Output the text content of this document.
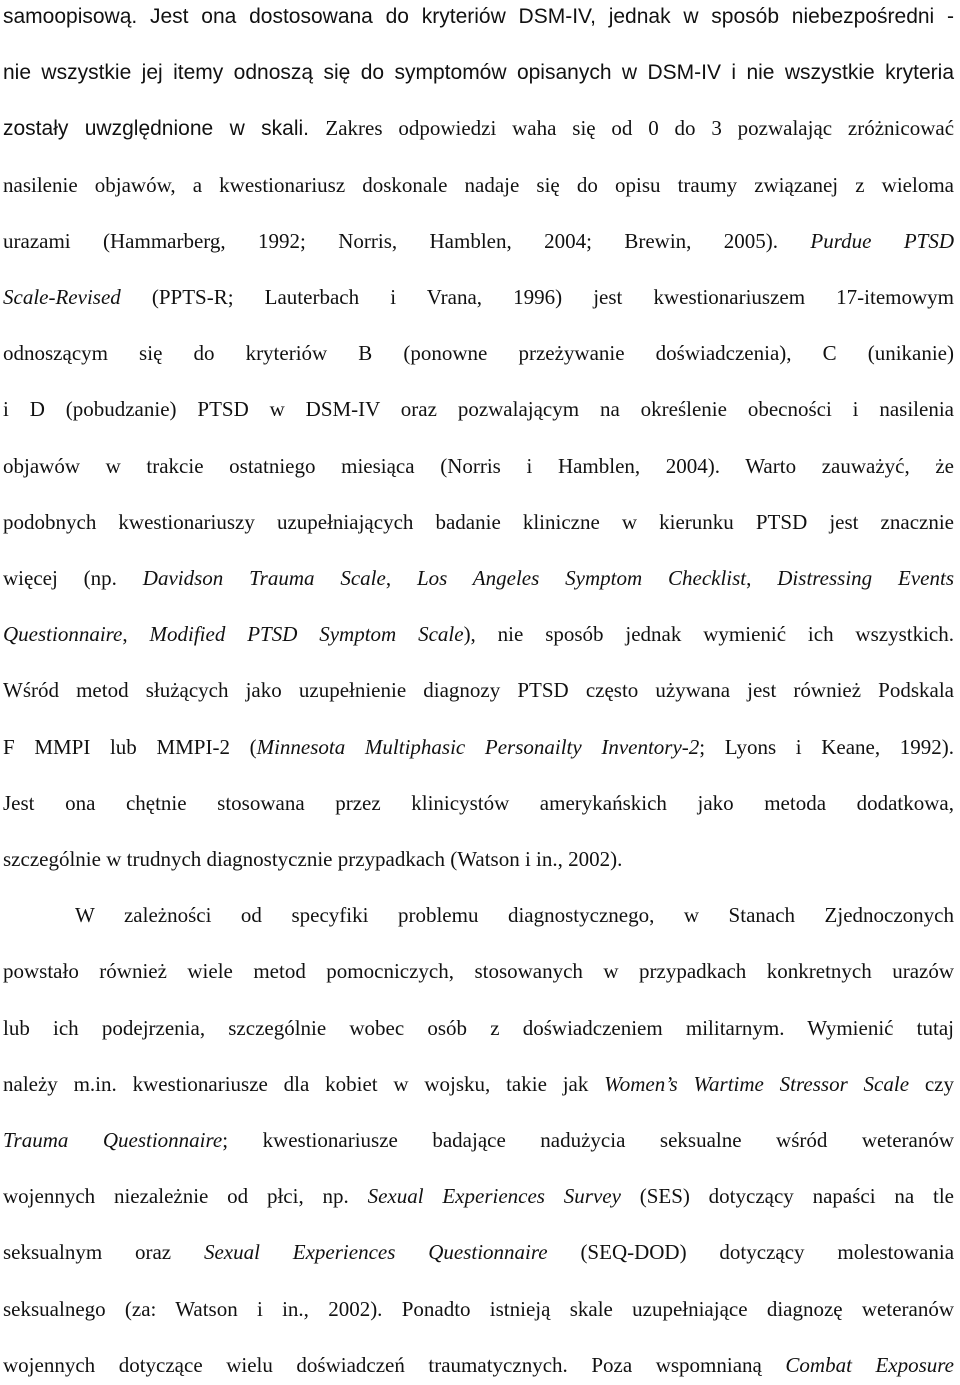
samoopisową. Jest ona dostosowana do kryteriów DSM-IV, jednak w sposób niebezpośredni -
nie wszystkie jej itemy odnoszą się do symptomów opisanych w DSM-IV i nie wszystkie kryteria
zostały uwzględnione w skali. Zakres odpowiedzi waha się od 0 do 3 pozwalając zróżnicować
nasilenie objawów, a kwestionariusz doskonale nadaje się do opisu traumy związanej z wieloma
urazami (Hammarberg, 1992; Norris, Hamblen, 2004; Brewin, 2005). Purdue PTSD
Scale-Revised (PPTS-R; Lauterbach i Vrana, 1996) jest kwestionariuszem 17-itemowym
odnoszącym się do kryteriów B (ponowne przeżywanie doświadczenia), C (unikanie)
i D (pobudzanie) PTSD w DSM-IV oraz pozwalającym na określenie obecności i nasilenia
objawów w trakcie ostatniego miesiąca (Norris i Hamblen, 2004). Warto zauważyć, że
podobnych kwestionariuszy uzupełniających badanie kliniczne w kierunku PTSD jest znacznie
więcej (np. Davidson Trauma Scale, Los Angeles Symptom Checklist, Distressing Events
Questionnaire, Modified PTSD Symptom Scale), nie sposób jednak wymienić ich wszystkich.
Wśród metod służących jako uzupełnienie diagnozy PTSD często używana jest również Podskala
F MMPI lub MMPI-2 (Minnesota Multiphasic Personailty Inventory-2; Lyons i Keane, 1992).
Jest ona chętnie stosowana przez klinicystów amerykańskich jako metoda dodatkowa,
szczególnie w trudnych diagnostycznie przypadkach (Watson i in., 2002).
W zależności od specyfiki problemu diagnostycznego, w Stanach Zjednoczonych
powstało również wiele metod pomocniczych, stosowanych w przypadkach konkretnych urazów
lub ich podejrzenia, szczególnie wobec osób z doświadczeniem militarnym. Wymienić tutaj
należy m.in. kwestionariusze dla kobiet w wojsku, takie jak Women’s Wartime Stressor Scale czy
Trauma Questionnaire; kwestionariusze badające nadużycia seksualne wśród weteranów
wojennych niezależnie od płci, np. Sexual Experiences Survey (SES) dotyczący napaści na tle
seksualnym oraz Sexual Experiences Questionnaire (SEQ-DOD) dotyczący molestowania
seksualnego (za: Watson i in., 2002). Ponadto istnieją skale uzupełniające diagnozę weteranów
wojennych dotyczące wielu doświadczeń traumatycznych. Poza wspomnianą Combat Exposure
